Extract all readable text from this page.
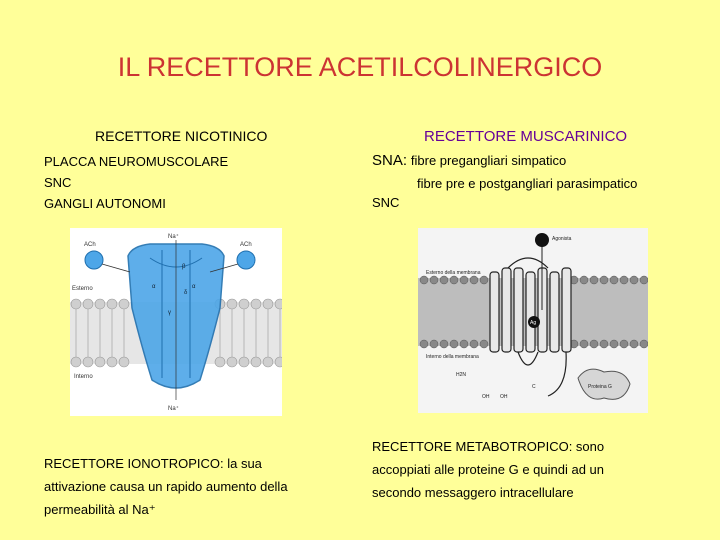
IL RECETTORE ACETILCOLINERGICO
RECETTORE NICOTINICO
PLACCA NEUROMUSCOLARE
SNC
GANGLI AUTONOMI
ACh	ACh
Na⁺
Na⁺
Esterno
Interno
α
β
α
γ
δ
RECETTORE IONOTROPICO: la sua
attivazione causa un rapido aumento della
permeabilità al Na⁺
RECETTORE MUSCARINICO
SNA: fibre pregangliari simpatico
fibre pre e postgangliari parasimpatico
SNC
Agonista
Esterno della membrana
Interno della membrana
Ag
Proteina G
H2N
OH OH
C
RECETTORE METABOTROPICO: sono
accoppiati alle proteine G e quindi ad un
secondo messaggero intracellulare
